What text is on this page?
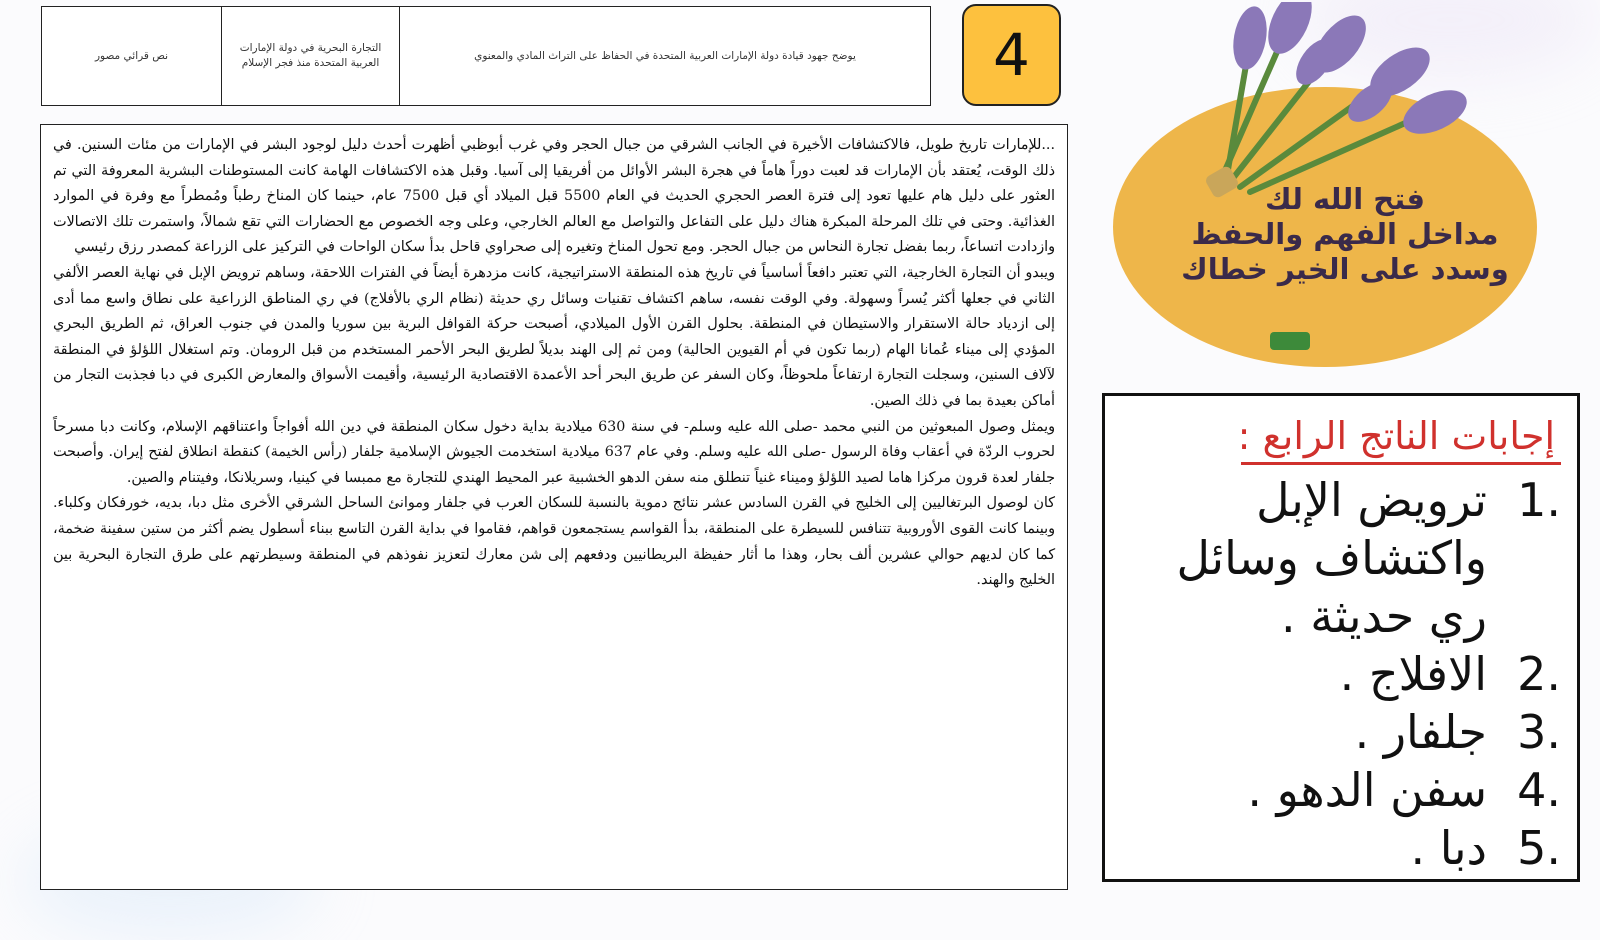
يوضح جهود قيادة دولة الإمارات العربية المتحدة في الحفاظ على التراث المادي والمعنوي
التجارة البحرية في دولة الإمارات العربية المتحدة منذ فجر الإسلام
نص قرائي مصور	4

...للإمارات تاريخ طويل، فالاكتشافات الأخيرة في الجانب الشرقي من جبال الحجر وفي غرب أبوظبي أظهرت أحدث دليل لوجود البشر في الإمارات من مئات السنين. في ذلك الوقت، يُعتقد بأن الإمارات قد لعبت دوراً هاماً في هجرة البشر الأوائل من أفريقيا إلى آسيا. وقبل هذه الاكتشافات الهامة كانت المستوطنات البشرية المعروفة التي تم العثور على دليل هام عليها تعود إلى فترة العصر الحجري الحديث في العام 5500 قبل الميلاد أي قبل 7500 عام، حينما كان المناخ رطباً ومُمطراً مع وفرة في الموارد الغذائية. وحتى في تلك المرحلة المبكرة هناك دليل على التفاعل والتواصل مع العالم الخارجي، وعلى وجه الخصوص مع الحضارات التي تقع شمالاً، واستمرت تلك الاتصالات وازدادت اتساعاً، ربما بفضل تجارة النحاس من جبال الحجر. ومع تحول المناخ وتغيره إلى صحراوي قاحل بدأ سكان الواحات في التركيز على الزراعة كمصدر رزق رئيسي

ويبدو أن التجارة الخارجية، التي تعتبر دافعاً أساسياً في تاريخ هذه المنطقة الاستراتيجية، كانت مزدهرة أيضاً في الفترات اللاحقة، وساهم ترويض الإبل في نهاية العصر الألفي الثاني في جعلها أكثر يُسراً وسهولة. وفي الوقت نفسه، ساهم اكتشاف تقنيات وسائل ري حديثة (نظام الري بالأفلاج) في ري المناطق الزراعية على نطاق واسع مما أدى إلى ازدياد حالة الاستقرار والاستيطان في المنطقة. بحلول القرن الأول الميلادي، أصبحت حركة القوافل البرية بين سوريا والمدن في جنوب العراق، ثم الطريق البحري المؤدي إلى ميناء عُمانا الهام (ربما تكون في أم القيوين الحالية) ومن ثم إلى الهند بديلاً لطريق البحر الأحمر المستخدم من قبل الرومان. وتم استغلال اللؤلؤ في المنطقة لآلاف السنين، وسجلت التجارة ارتفاعاً ملحوظاً، وكان السفر عن طريق البحر أحد الأعمدة الاقتصادية الرئيسية، وأقيمت الأسواق والمعارض الكبرى في دبا فجذبت التجار من أماكن بعيدة بما في ذلك الصين.

ويمثل وصول المبعوثين من النبي محمد -صلى الله عليه وسلم- في سنة 630 ميلادية بداية دخول سكان المنطقة في دين الله أفواجاً واعتناقهم الإسلام، وكانت دبا مسرحاً لحروب الردّة في أعقاب وفاة الرسول -صلى الله عليه وسلم. وفي عام 637 ميلادية استخدمت الجيوش الإسلامية جلفار (رأس الخيمة) كنقطة انطلاق لفتح إيران. وأصبحت جلفار لعدة قرون مركزا هاما لصيد اللؤلؤ وميناء غنياً تنطلق منه سفن الدهو الخشبية عبر المحيط الهندي للتجارة مع ممبسا في كينيا، وسريلانكا، وفيتنام والصين.

كان لوصول البرتغاليين إلى الخليج في القرن السادس عشر نتائج دموية بالنسبة للسكان العرب في جلفار وموانئ الساحل الشرقي الأخرى مثل دبا، بديه، خورفكان وكلباء. وبينما كانت القوى الأوروبية تتنافس للسيطرة على المنطقة، بدأ القواسم يستجمعون قواهم، فقاموا في بداية القرن التاسع ببناء أسطول يضم أكثر من ستين سفينة ضخمة، كما كان لديهم حوالي عشرين ألف بحار، وهذا ما أثار حفيظة البريطانيين ودفعهم إلى شن معارك لتعزيز نفوذهم في المنطقة وسيطرتهم على طرق التجارة البحرية بين الخليج والهند.

فتح الله لك
مداخل الفهم والحفظ
وسدد على الخير خطاك
إجابات الناتج الرابع :
1.
ترويض الإبل واكتشاف وسائل ري حديثة .
2.
الافلاج .
3.
جلفار .
4.
سفن الدهو .
5.
دبا .
